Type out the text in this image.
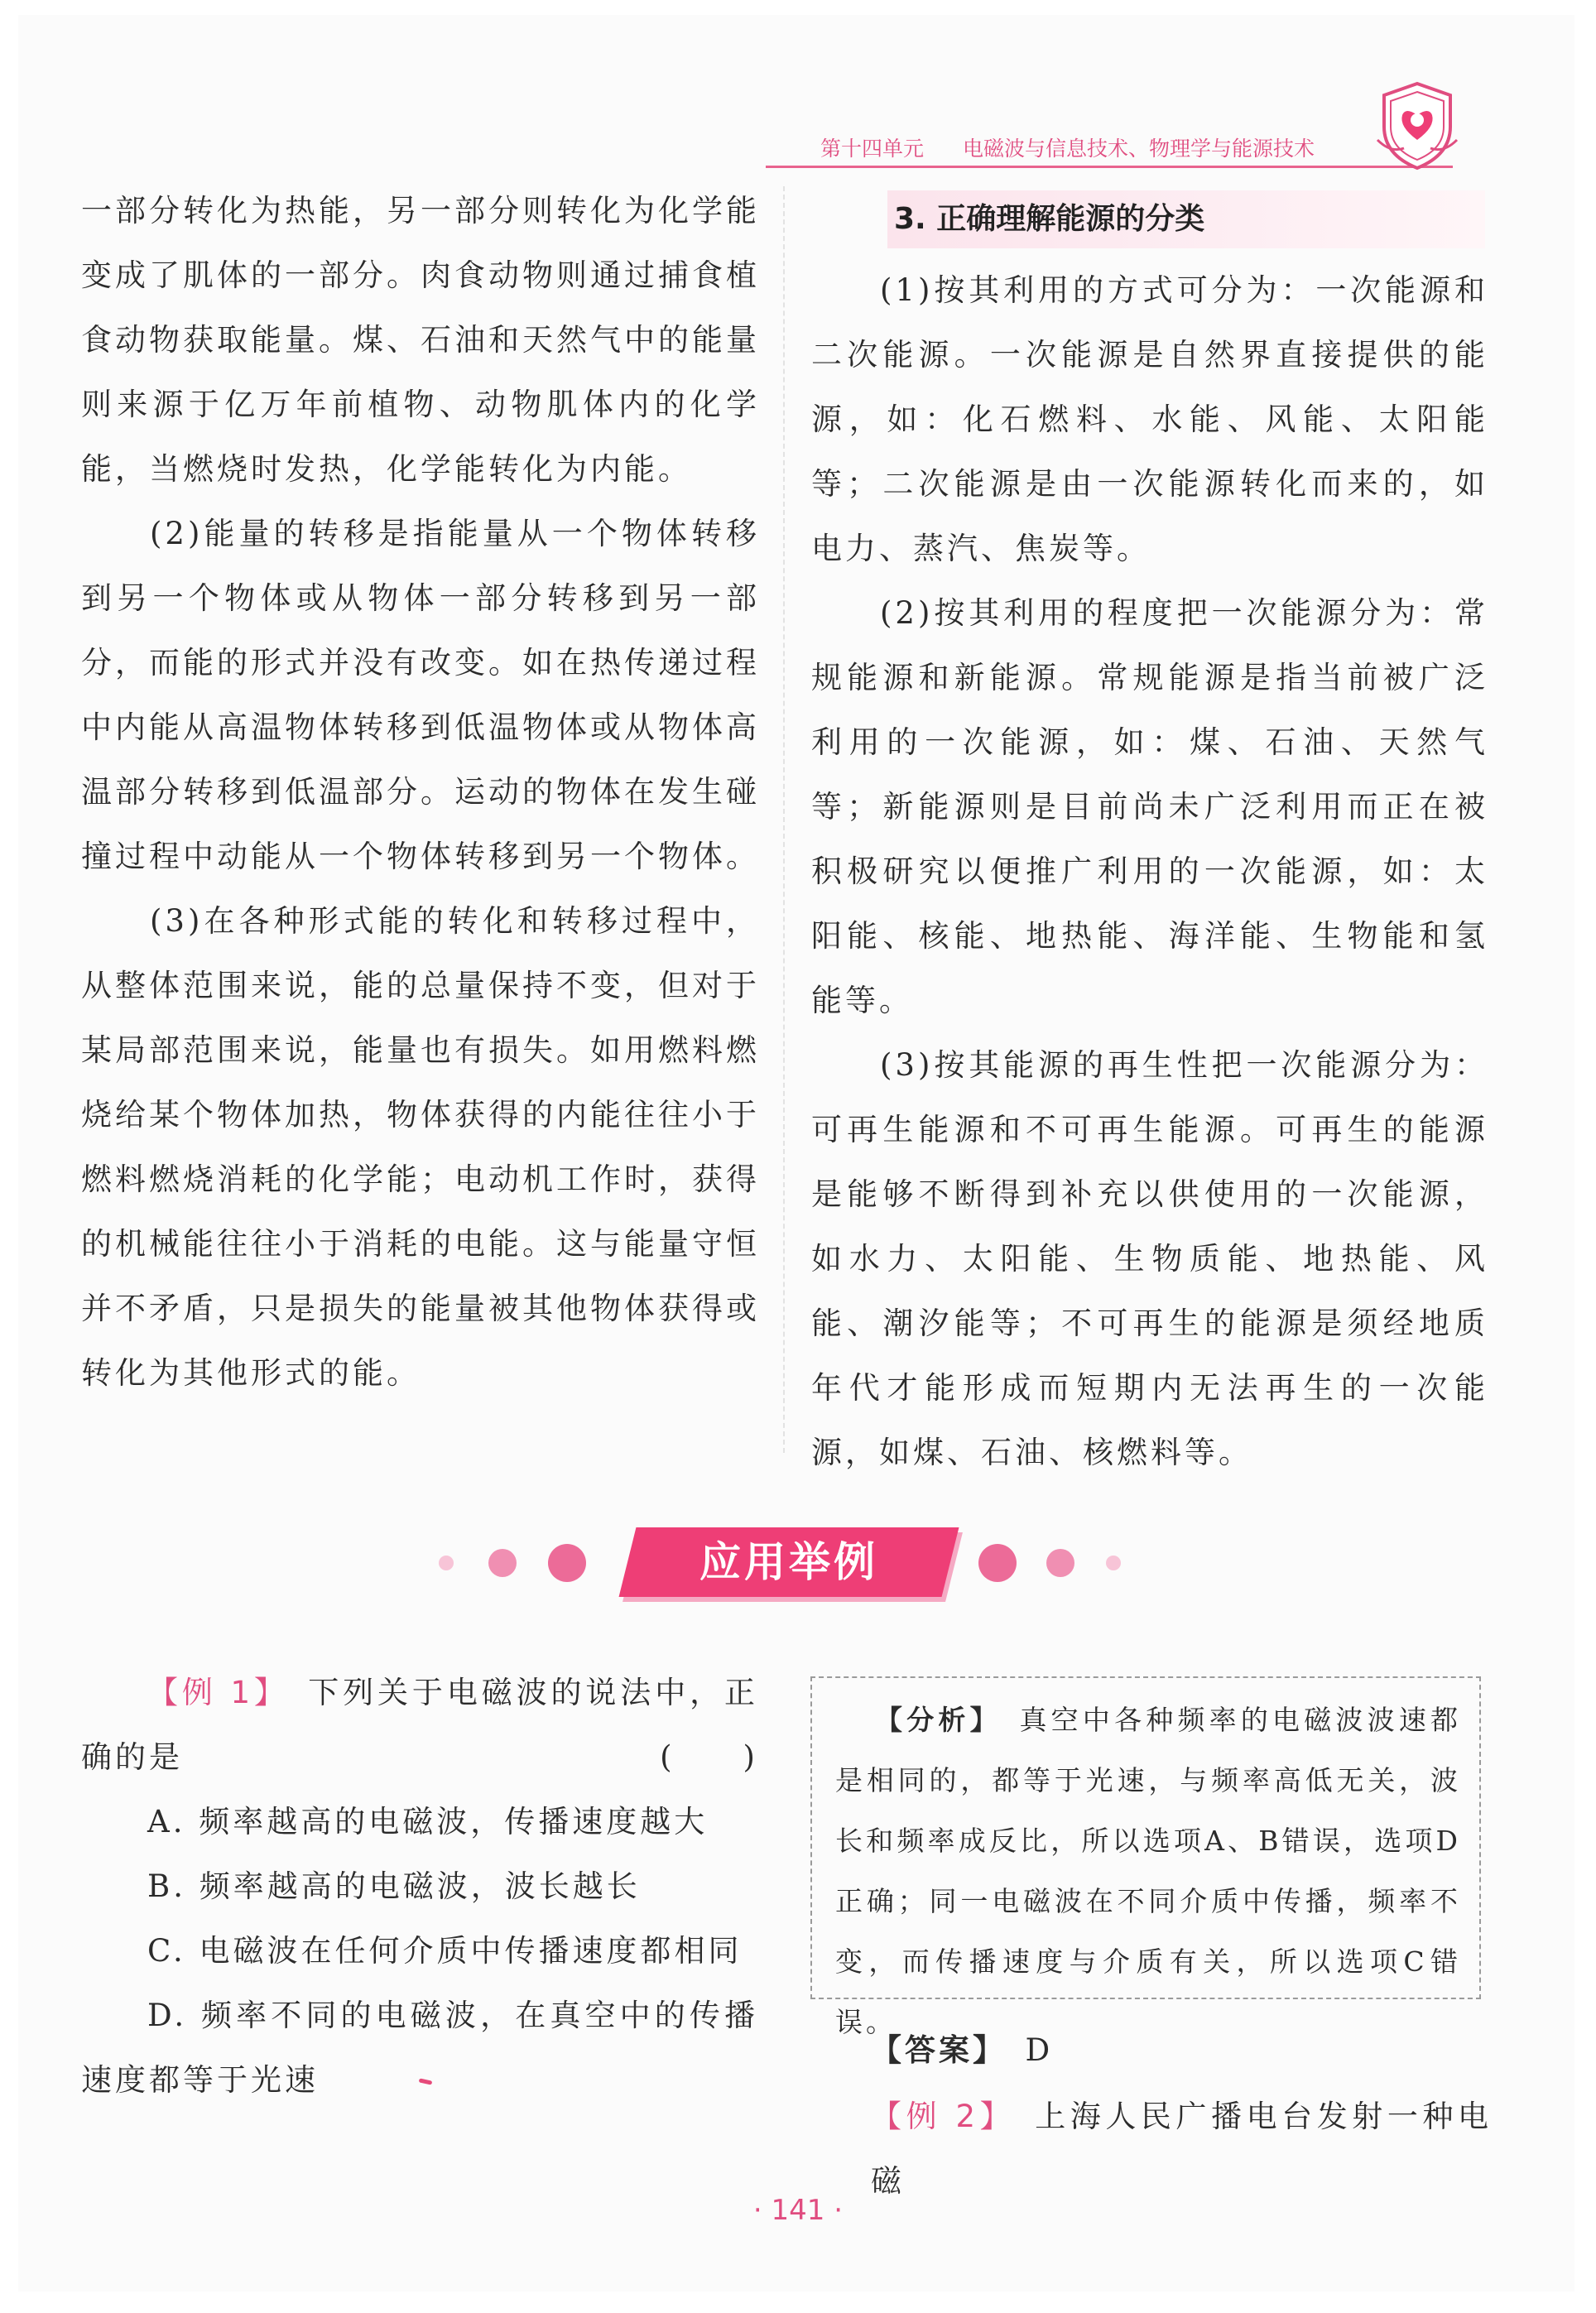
第十四单元 电磁波与信息技术、物理学与能源技术

一部分转化为热能，另一部分则转化为化学能变成了肌体的一部分。肉食动物则通过捕食植食动物获取能量。煤、石油和天然气中的能量则来源于亿万年前植物、动物肌体内的化学能，当燃烧时发热，化学能转化为内能。

(2)能量的转移是指能量从一个物体转移到另一个物体或从物体一部分转移到另一部分，而能的形式并没有改变。如在热传递过程中内能从高温物体转移到低温物体或从物体高温部分转移到低温部分。运动的物体在发生碰撞过程中动能从一个物体转移到另一个物体。

(3)在各种形式能的转化和转移过程中，从整体范围来说，能的总量保持不变，但对于某局部范围来说，能量也有损失。如用燃料燃烧给某个物体加热，物体获得的内能往往小于燃料燃烧消耗的化学能；电动机工作时，获得的机械能往往小于消耗的电能。这与能量守恒并不矛盾，只是损失的能量被其他物体获得或转化为其他形式的能。

3. 正确理解能源的分类

(1)按其利用的方式可分为：一次能源和二次能源。一次能源是自然界直接提供的能源，如：化石燃料、水能、风能、太阳能等；二次能源是由一次能源转化而来的，如电力、蒸汽、焦炭等。

(2)按其利用的程度把一次能源分为：常规能源和新能源。常规能源是指当前被广泛利用的一次能源，如：煤、石油、天然气等；新能源则是目前尚未广泛利用而正在被积极研究以便推广利用的一次能源，如：太阳能、核能、地热能、海洋能、生物能和氢能等。

(3)按其能源的再生性把一次能源分为：可再生能源和不可再生能源。可再生的能源是能够不断得到补充以供使用的一次能源，如水力、太阳能、生物质能、地热能、风能、潮汐能等；不可再生的能源是须经地质年代才能形成而短期内无法再生的一次能源，如煤、石油、核燃料等。

应用举例

【例 1】　 下列关于电磁波的说法中，正确的是	(　　)

A. 频率越高的电磁波，传播速度越大

B. 频率越高的电磁波，波长越长

C. 电磁波在任何介质中传播速度都相同

D. 频率不同的电磁波，在真空中的传播速度都等于光速

【分析】　 真空中各种频率的电磁波波速都是相同的，都等于光速，与频率高低无关，波长和频率成反比，所以选项A、B错误，选项D正确；同一电磁波在不同介质中传播，频率不变，而传播速度与介质有关，所以选项C错误。

【答案】　 D

【例 2】　 上海人民广播电台发射一种电磁

· 141 ·
